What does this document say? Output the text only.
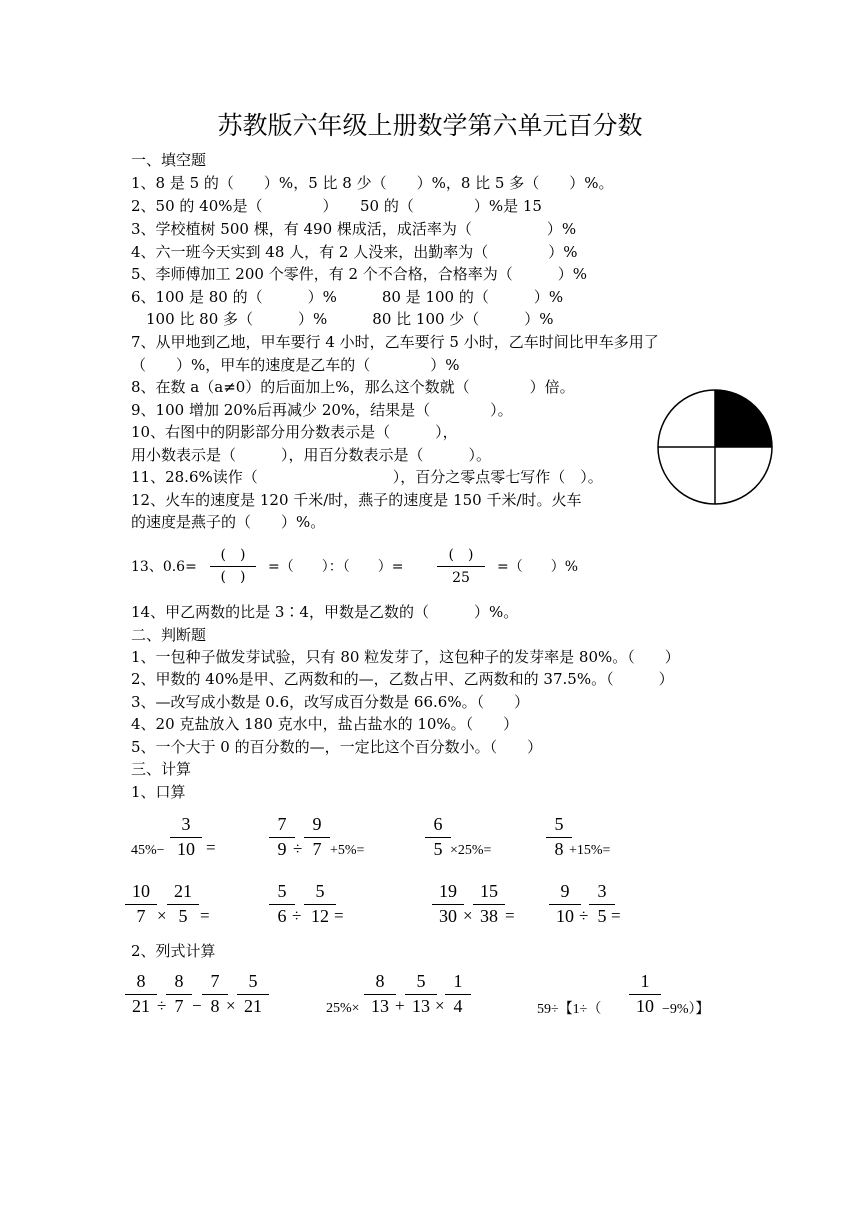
苏教版六年级上册数学第六单元百分数
一、填空题
1、8 是 5 的（　　）%，5 比 8 少（　　）%，8 比 5 多（　　）%。
2、50 的 40%是（　　　　）　　50 的（　　　　）%是 15
3、学校植树 500 棵，有 490 棵成活，成活率为（　　　　　）%
4、六一班今天实到 48 人，有 2 人没来，出勤率为（　　　　）%
5、李师傅加工 200 个零件，有 2 个不合格，合格率为（　　　）%
6、100 是 80 的（　　　）%　　　80 是 100 的（　　　）%
　100 比 80 多（　　　）%　　　80 比 100 少（　　　）%
7、从甲地到乙地，甲车要行 4 小时，乙车要行 5 小时，乙车时间比甲车多用了
（　　）%，甲车的速度是乙车的（　　　　）%
8、在数 a（a≠0）的后面加上%，那么这个数就（　　　　）倍。
9、100 增加 20%后再减少 20%，结果是（　　　　）。
10、右图中的阴影部分用分数表示是（　　　），
用小数表示是（　　　），用百分数表示是（　　　）。
11、28.6%读作（　　　　　　　　　），百分之零点零七写作（　）。
12、火车的速度是 120 千米/时，燕子的速度是 150 千米/时。火车
的速度是燕子的（　　）%。
13、0.6=
(　)
(　)
=（　　）：（　　）=
(　)
25
=（　　）%
14、甲乙两数的比是 3∶4，甲数是乙数的（　　　）%。
二、判断题
1、一包种子做发芽试验，只有 80 粒发芽了，这包种子的发芽率是 80%。（　　）
2、甲数的 40%是甲、乙两数和的—，乙数占甲、乙两数和的 37.5%。（　　　）
3、—改写成小数是 0.6，改写成百分数是 66.6%。（　　）
4、20 克盐放入 180 克水中，盐占盐水的 10%。（　　）
5、一个大于 0 的百分数的—，一定比这个百分数小。（　　）
三、计算
1、口算
45%−
3
10 =
7
9 ÷
9
7 +5%=
6
5 ×25%=
5
8 +15%=
10
7 ×
21
5 =
5
6 ÷
5
12 =
19
30 ×
15
38 =
9
10 ÷
3
5 =
2、列式计算
8
21 ÷
8
7 −
7
8 ×
5
21	25%×
8
13 +
5
13 ×
1
4	59÷【1÷（
1
10 −9%）】
